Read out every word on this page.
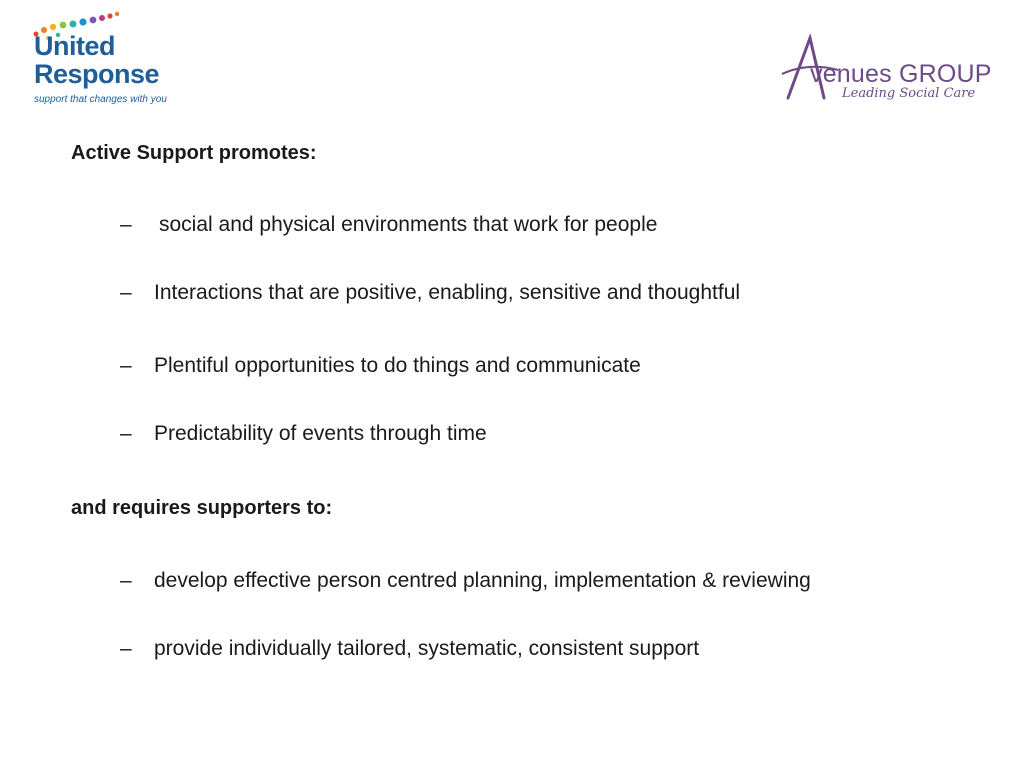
United
Response
support that changes with you
venues GROUP
Leading Social Care
Active Support promotes:
–	social and physical environments that work for people
–	Interactions that are positive, enabling, sensitive and thoughtful
–	Plentiful opportunities to do things and communicate
–	Predictability of events through time
and requires supporters to:
–	develop effective person centred planning, implementation & reviewing
–	provide individually tailored, systematic, consistent support
